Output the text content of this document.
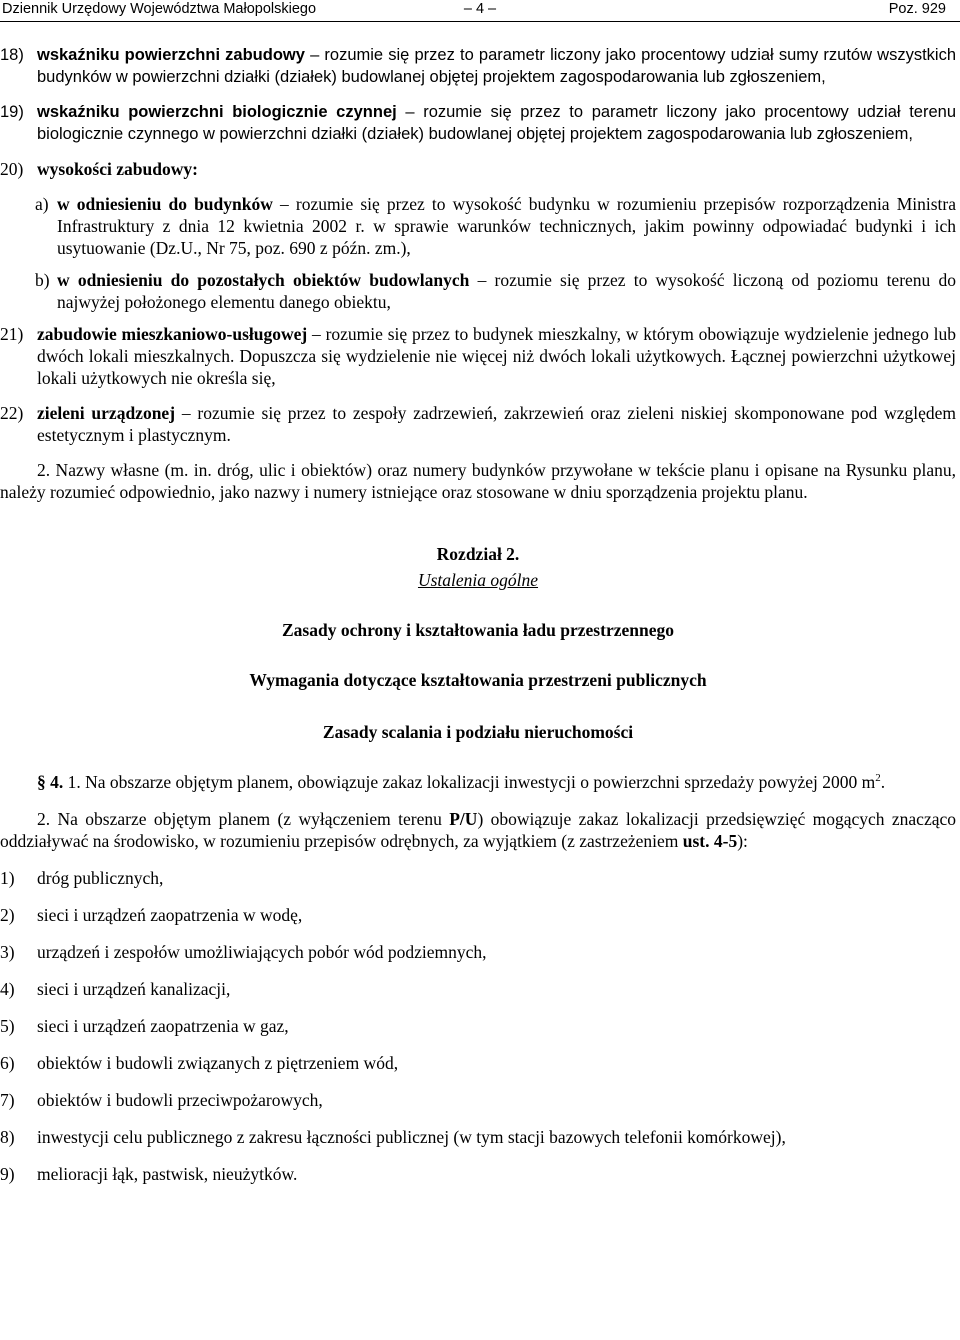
Dziennik Urzędowy Województwa Małopolskiego	– 4 –	Poz. 929

18) wskaźniku powierzchni zabudowy – rozumie się przez to parametr liczony jako procentowy udział sumy rzutów wszystkich budynków w powierzchni działki (działek) budowlanej objętej projektem zagospodarowania lub zgłoszeniem,

19) wskaźniku powierzchni biologicznie czynnej – rozumie się przez to parametr liczony jako procentowy udział terenu biologicznie czynnego w powierzchni działki (działek) budowlanej objętej projektem zagospodarowania lub zgłoszeniem,

20) wysokości zabudowy:

a) w odniesieniu do budynków – rozumie się przez to wysokość budynku w rozumieniu przepisów rozporządzenia Ministra Infrastruktury z dnia 12 kwietnia 2002 r. w sprawie warunków technicznych, jakim powinny odpowiadać budynki i ich usytuowanie (Dz.U., Nr 75, poz. 690 z późn. zm.),

b) w odniesieniu do pozostałych obiektów budowlanych – rozumie się przez to wysokość liczoną od poziomu terenu do najwyżej położonego elementu danego obiektu,

21) zabudowie mieszkaniowo-usługowej – rozumie się przez to budynek mieszkalny, w którym obowiązuje wydzielenie jednego lub dwóch lokali mieszkalnych. Dopuszcza się wydzielenie nie więcej niż dwóch lokali użytkowych. Łącznej powierzchni użytkowej lokali użytkowych nie określa się,

22) zieleni urządzonej – rozumie się przez to zespoły zadrzewień, zakrzewień oraz zieleni niskiej skomponowane pod względem estetycznym i plastycznym.

2. Nazwy własne (m. in. dróg, ulic i obiektów) oraz numery budynków przywołane w tekście planu i opisane na Rysunku planu, należy rozumieć odpowiednio, jako nazwy i numery istniejące oraz stosowane w dniu sporządzenia projektu planu.

Rozdział 2.

Ustalenia ogólne

Zasady ochrony i kształtowania ładu przestrzennego

Wymagania dotyczące kształtowania przestrzeni publicznych

Zasady scalania i podziału nieruchomości

§ 4. 1. Na obszarze objętym planem, obowiązuje zakaz lokalizacji inwestycji o powierzchni sprzedaży powyżej 2000 $m^2$.

2. Na obszarze objętym planem (z wyłączeniem terenu P/U) obowiązuje zakaz lokalizacji przedsięwzięć mogących znacząco oddziaływać na środowisko, w rozumieniu przepisów odrębnych, za wyjątkiem (z zastrzeżeniem ust. 4-5):

1) dróg publicznych,

2) sieci i urządzeń zaopatrzenia w wodę,

3) urządzeń i zespołów umożliwiających pobór wód podziemnych,

4) sieci i urządzeń kanalizacji,

5) sieci i urządzeń zaopatrzenia w gaz,

6) obiektów i budowli związanych z piętrzeniem wód,

7) obiektów i budowli przeciwpożarowych,

8) inwestycji celu publicznego z zakresu łączności publicznej (w tym stacji bazowych telefonii komórkowej),

9) melioracji łąk, pastwisk, nieużytków.
